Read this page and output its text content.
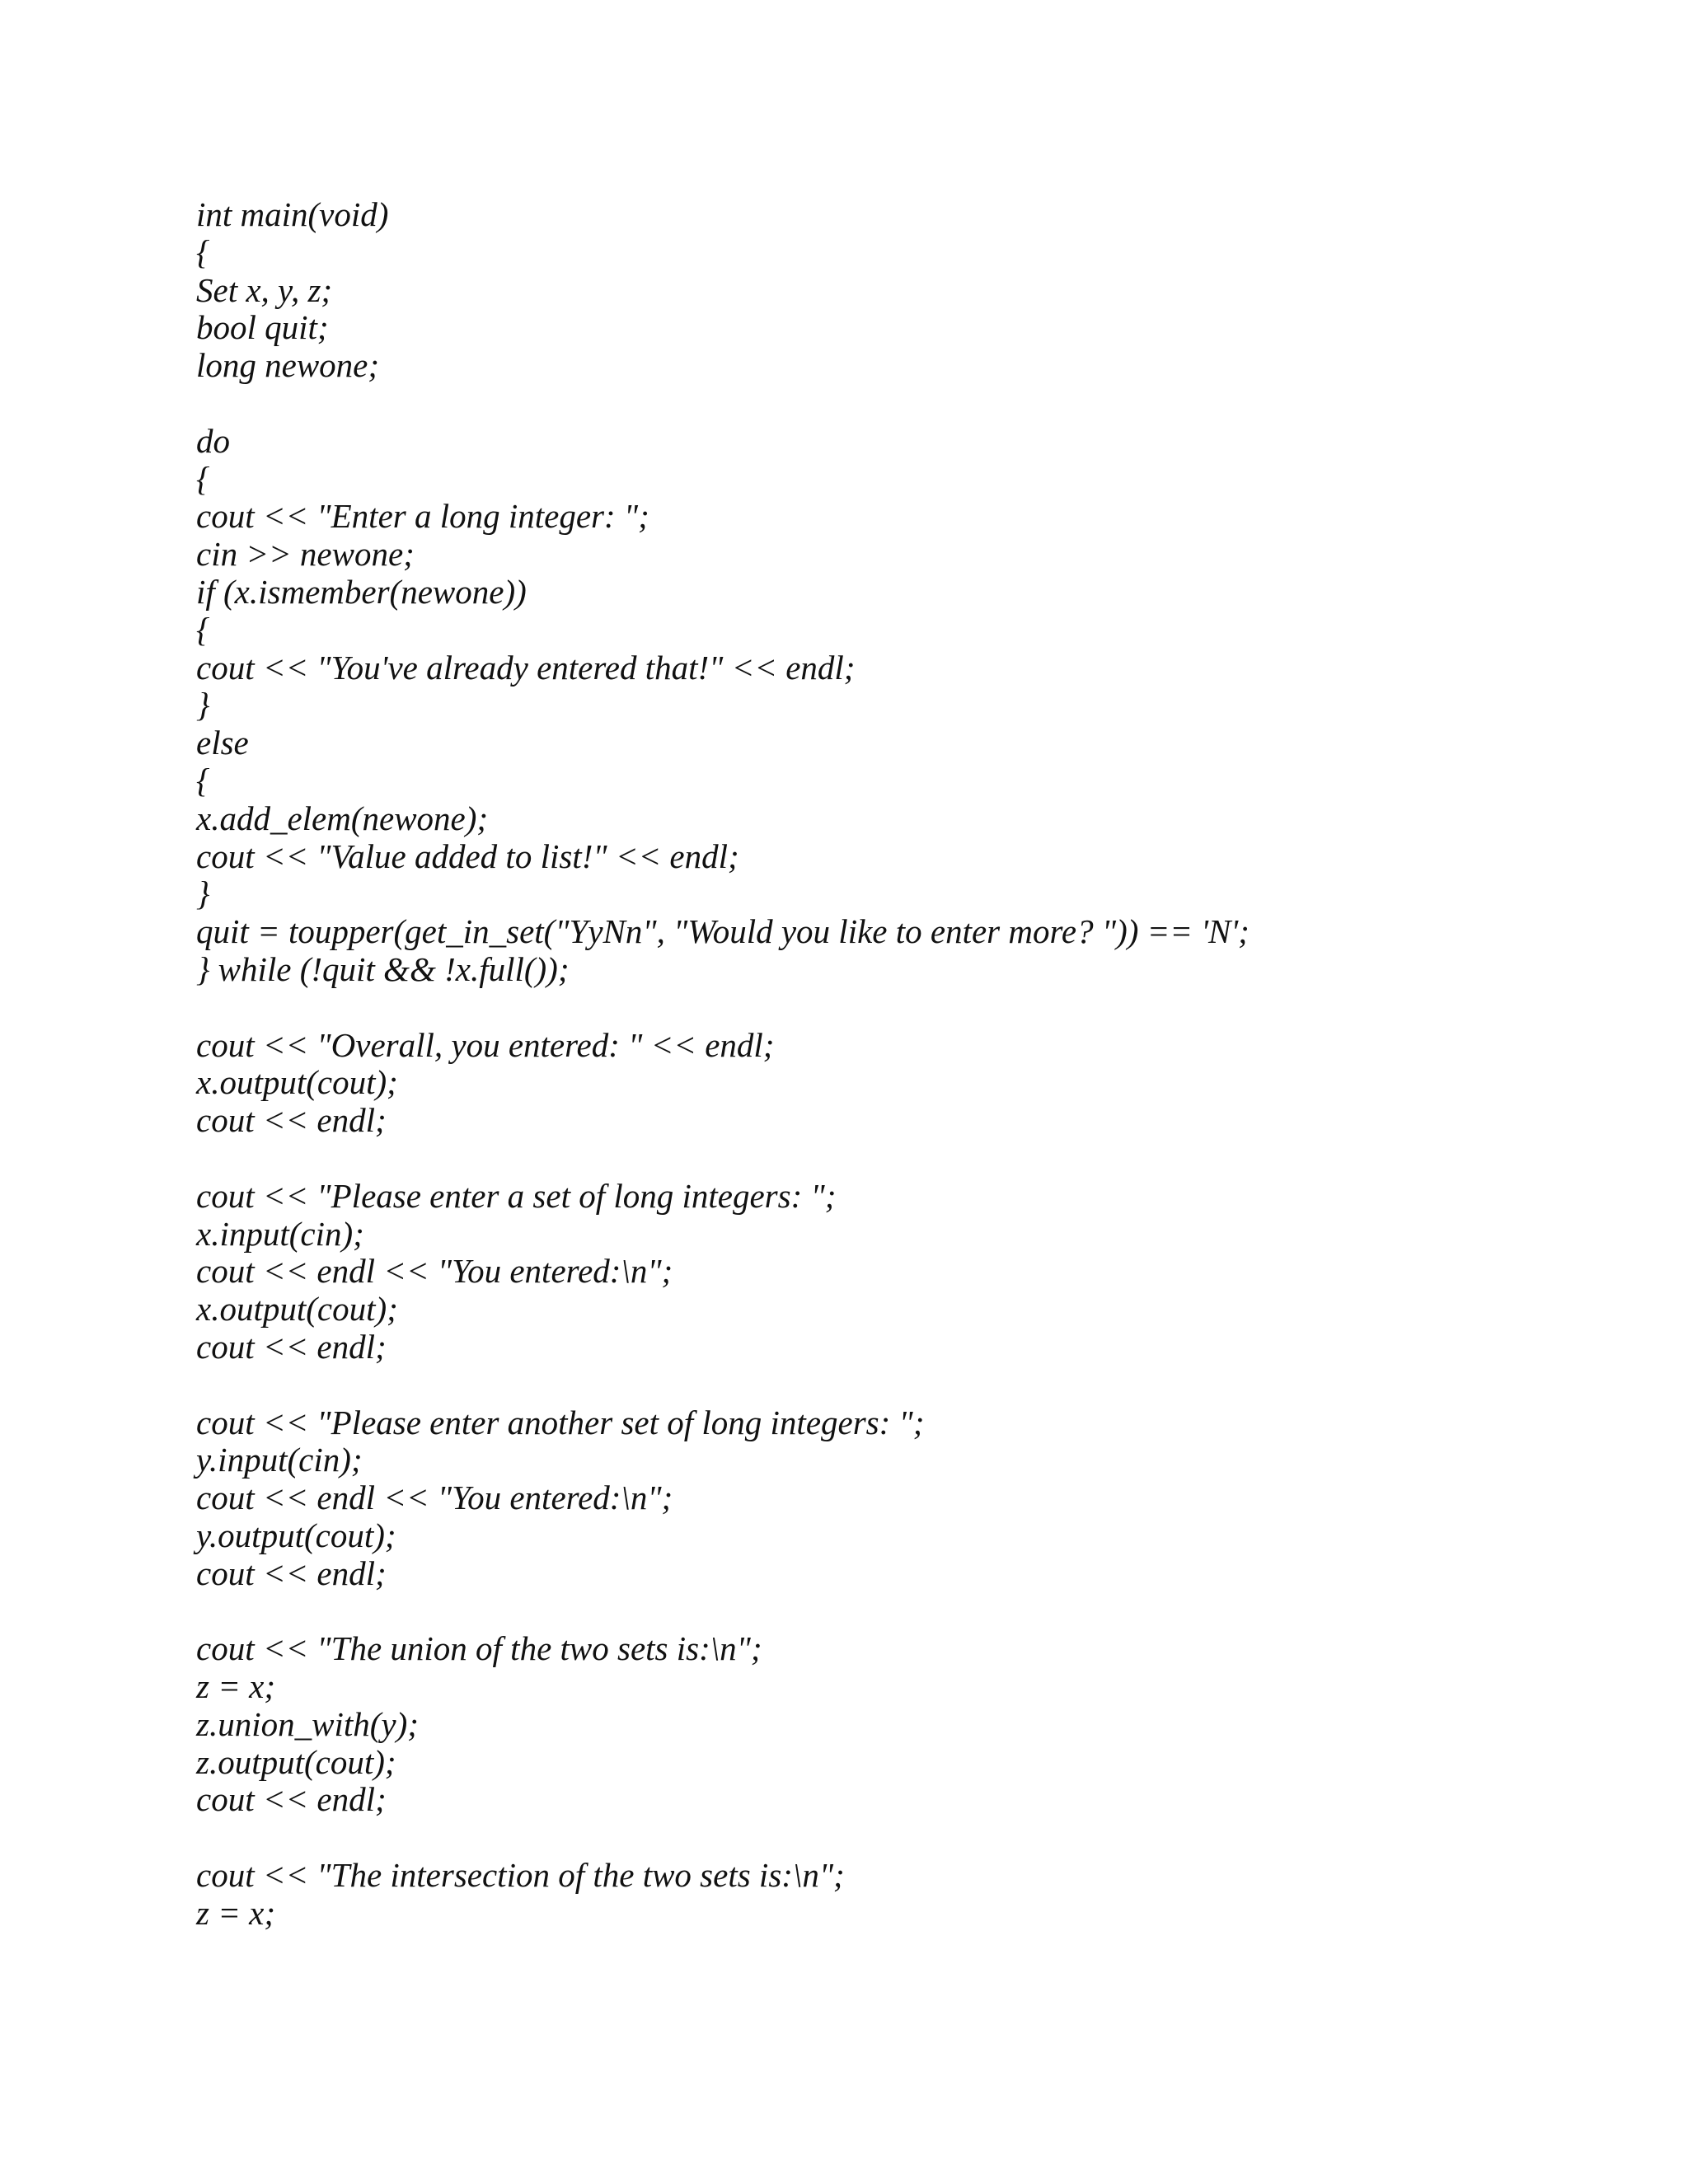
int main(void)
{
Set x, y, z;
bool quit;
long newone;
do
{
cout << "Enter a long integer: ";
cin >> newone;
if (x.ismember(newone))
{
cout << "You've already entered that!" << endl;
}
else
{
x.add_elem(newone);
cout << "Value added to list!" << endl;
}
quit = toupper(get_in_set("YyNn", "Would you like to enter more? ")) == 'N';
} while (!quit && !x.full());
cout << "Overall, you entered: " << endl;
x.output(cout);
cout << endl;
cout << "Please enter a set of long integers: ";
x.input(cin);
cout << endl << "You entered:\n";
x.output(cout);
cout << endl;
cout << "Please enter another set of long integers: ";
y.input(cin);
cout << endl << "You entered:\n";
y.output(cout);
cout << endl;
cout << "The union of the two sets is:\n";
z = x;
z.union_with(y);
z.output(cout);
cout << endl;
cout << "The intersection of the two sets is:\n";
z = x;
